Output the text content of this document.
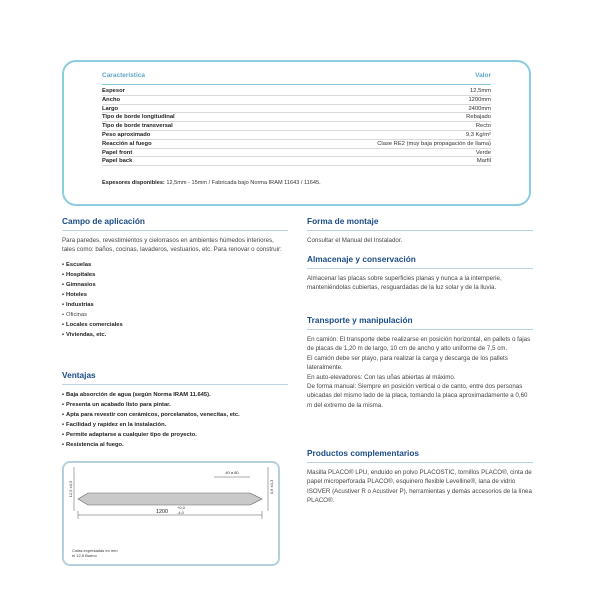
Característica	Valor
Espesor	12,5mm
Ancho	1200mm
Largo	2400mm
Tipo de borde longitudinal	Rebajado
Tipo de borde transversal	Recto
Peso aproximado	9,3 Kg/m²
Reacción al fuego	Clase RE2 (muy baja propagación de llama)
Papel front	Verde
Papel back	Marfil
Espesores disponibles: 12,5mm - 15mm / Fabricada bajo Norma IRAM 11643 / 11645.
Campo de aplicación
Para paredes, revestimientos y cielorrasos en ambientes húmedos interiores, tales como: baños, cocinas, lavaderos, vestuarios, etc. Para renovar o construir:
• Escuelas
• Hospitales
• Gimnasios
• Hoteles
• Industrias
• Oficinas
• Locales comerciales
• Viviendas, etc.
Ventajas
• Baja absorción de agua (según Norma IRAM 11.645).
• Presenta un acabado listo para pintar.
• Apta para revestir con cerámicos, porcelanatos, venecitas, etc.
• Facilidad y rapidez en la instalación.
• Permite adaptarse a cualquier tipo de proyecto.
• Resistencia al fuego.
12,5 ±0,5	0,6 ±0,3
40 a 80
1200
+0,0
-4,0
Cotas expresadas en mm
el 12,5 Bueno
Forma de montaje
Consultar el Manual del Instalador.
Almacenaje y conservación
Almacenar las placas sobre superficies planas y nunca a la intemperie, manteniéndolas cubiertas, resguardadas de la luz solar y de la lluvia.
Transporte y manipulación
En camión: El transporte debe realizarse en posición horizontal, en pallets o fajas de placas de 1,20 m de largo, 10 cm de ancho y alto uniforme de 7,5 cm.
El camión debe ser playo, para realizar la carga y descarga de los pallets lateralmente.
En auto-elevadores: Con las uñas abiertas al máximo.
De forma manual: Siempre en posición vertical o de canto, entre dos personas ubicadas del mismo lado de la placa, tomando la placa aproximadamente a 0,60 m del extremo de la misma.
Productos complementarios
Masilla PLACO® LPU, enduido en polvo PLACOSTIC, tornillos PLACO®, cinta de papel microperforada PLACO®, esquinero flexible Levelline®, lana de vidrio ISOVER (Acustiver R o Acustiver P), herramientas y demás accesorios de la línea PLACO®.
